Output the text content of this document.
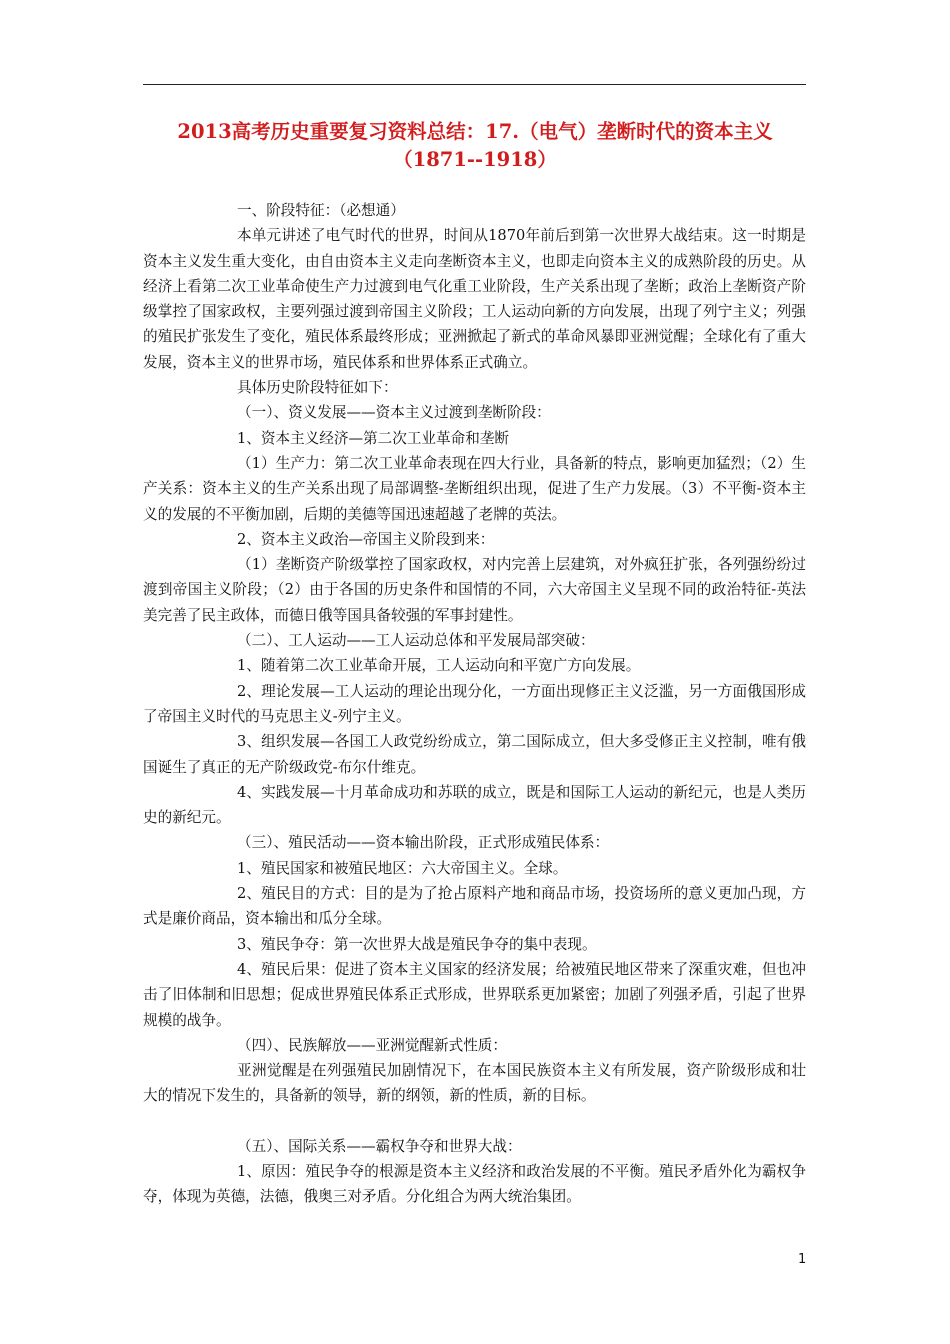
2013高考历史重要复习资料总结：17.（电气）垄断时代的资本主义
（1871--1918）

一、阶段特征：（必想通）

本单元讲述了电气时代的世界，时间从1870年前后到第一次世界大战结束。这一时期是资本主义发生重大变化，由自由资本主义走向垄断资本主义，也即走向资本主义的成熟阶段的历史。从经济上看第二次工业革命使生产力过渡到电气化重工业阶段，生产关系出现了垄断；政治上垄断资产阶级掌控了国家政权，主要列强过渡到帝国主义阶段；工人运动向新的方向发展，出现了列宁主义；列强的殖民扩张发生了变化，殖民体系最终形成；亚洲掀起了新式的革命风暴即亚洲觉醒；全球化有了重大发展，资本主义的世界市场，殖民体系和世界体系正式确立。

具体历史阶段特征如下：

（一）、资义发展——资本主义过渡到垄断阶段：

1、资本主义经济—第二次工业革命和垄断

（1）生产力：第二次工业革命表现在四大行业，具备新的特点，影响更加猛烈；（2）生产关系：资本主义的生产关系出现了局部调整-垄断组织出现，促进了生产力发展。（3）不平衡-资本主义的发展的不平衡加剧，后期的美德等国迅速超越了老牌的英法。

2、资本主义政治—帝国主义阶段到来：

（1）垄断资产阶级掌控了国家政权，对内完善上层建筑，对外疯狂扩张，各列强纷纷过渡到帝国主义阶段；（2）由于各国的历史条件和国情的不同，六大帝国主义呈现不同的政治特征-英法美完善了民主政体，而德日俄等国具备较强的军事封建性。

（二）、工人运动——工人运动总体和平发展局部突破：

1、随着第二次工业革命开展，工人运动向和平宽广方向发展。

2、理论发展—工人运动的理论出现分化，一方面出现修正主义泛滥，另一方面俄国形成了帝国主义时代的马克思主义-列宁主义。

3、组织发展—各国工人政党纷纷成立，第二国际成立，但大多受修正主义控制，唯有俄国诞生了真正的无产阶级政党-布尔什维克。

4、实践发展—十月革命成功和苏联的成立，既是和国际工人运动的新纪元，也是人类历史的新纪元。

（三）、殖民活动——资本输出阶段，正式形成殖民体系：

1、殖民国家和被殖民地区：六大帝国主义。全球。

2、殖民目的方式：目的是为了抢占原料产地和商品市场，投资场所的意义更加凸现，方式是廉价商品，资本输出和瓜分全球。

3、殖民争夺：第一次世界大战是殖民争夺的集中表现。

4、殖民后果：促进了资本主义国家的经济发展；给被殖民地区带来了深重灾难，但也冲击了旧体制和旧思想；促成世界殖民体系正式形成，世界联系更加紧密；加剧了列强矛盾，引起了世界规模的战争。

（四）、民族解放——亚洲觉醒新式性质：

亚洲觉醒是在列强殖民加剧情况下，在本国民族资本主义有所发展，资产阶级形成和壮大的情况下发生的，具备新的领导，新的纲领，新的性质，新的目标。

（五）、国际关系——霸权争夺和世界大战：

1、原因：殖民争夺的根源是资本主义经济和政治发展的不平衡。殖民矛盾外化为霸权争夺，体现为英德，法德，俄奥三对矛盾。分化组合为两大统治集团。

1
